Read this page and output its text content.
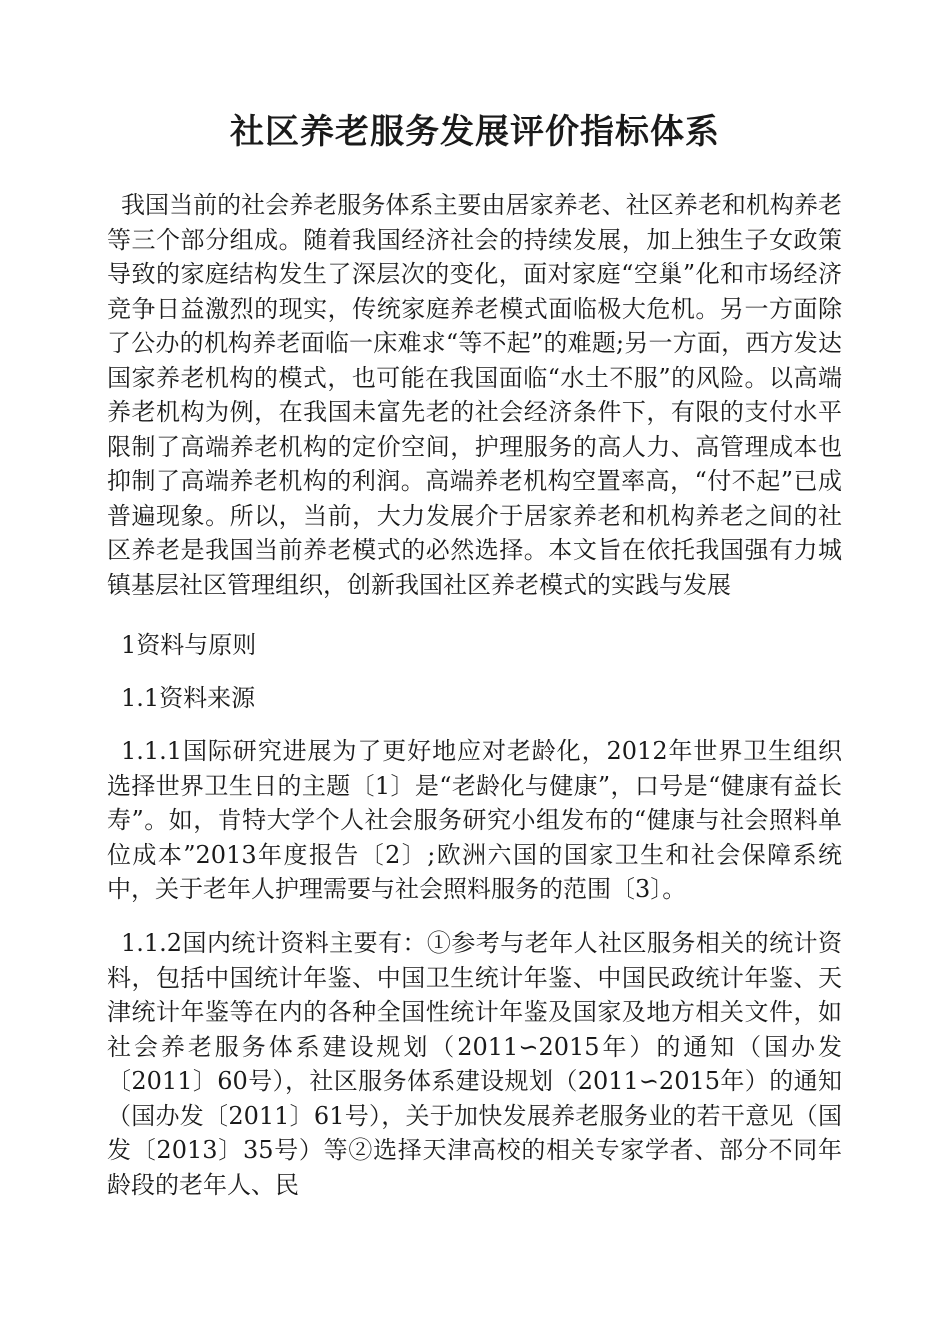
社区养老服务发展评价指标体系

我国当前的社会养老服务体系主要由居家养老、社区养老和机构养老等三个部分组成。随着我国经济社会的持续发展，加上独生子女政策导致的家庭结构发生了深层次的变化，面对家庭“空巢”化和市场经济竞争日益激烈的现实，传统家庭养老模式面临极大危机。另一方面除了公办的机构养老面临一床难求“等不起”的难题;另一方面，西方发达国家养老机构的模式，也可能在我国面临“水土不服”的风险。以高端养老机构为例，在我国未富先老的社会经济条件下，有限的支付水平限制了高端养老机构的定价空间，护理服务的高人力、高管理成本也抑制了高端养老机构的利润。高端养老机构空置率高，“付不起”已成普遍现象。所以，当前，大力发展介于居家养老和机构养老之间的社区养老是我国当前养老模式的必然选择。本文旨在依托我国强有力城镇基层社区管理组织，创新我国社区养老模式的实践与发展

1资料与原则

1.1资料来源

1.1.1国际研究进展为了更好地应对老龄化，2012年世界卫生组织选择世界卫生日的主题〔1〕是“老龄化与健康”，口号是“健康有益长寿”。如，肯特大学个人社会服务研究小组发布的“健康与社会照料单位成本”2013年度报告〔2〕;欧洲六国的国家卫生和社会保障系统中，关于老年人护理需要与社会照料服务的范围〔3〕。

1.1.2国内统计资料主要有：①参考与老年人社区服务相关的统计资料，包括中国统计年鉴、中国卫生统计年鉴、中国民政统计年鉴、天津统计年鉴等在内的各种全国性统计年鉴及国家及地方相关文件，如社会养老服务体系建设规划（2011∽2015年）的通知（国办发〔2011〕60号），社区服务体系建设规划（2011∽2015年）的通知（国办发〔2011〕61号），关于加快发展养老服务业的若干意见（国发〔2013〕35号）等②选择天津高校的相关专家学者、部分不同年龄段的老年人、民
